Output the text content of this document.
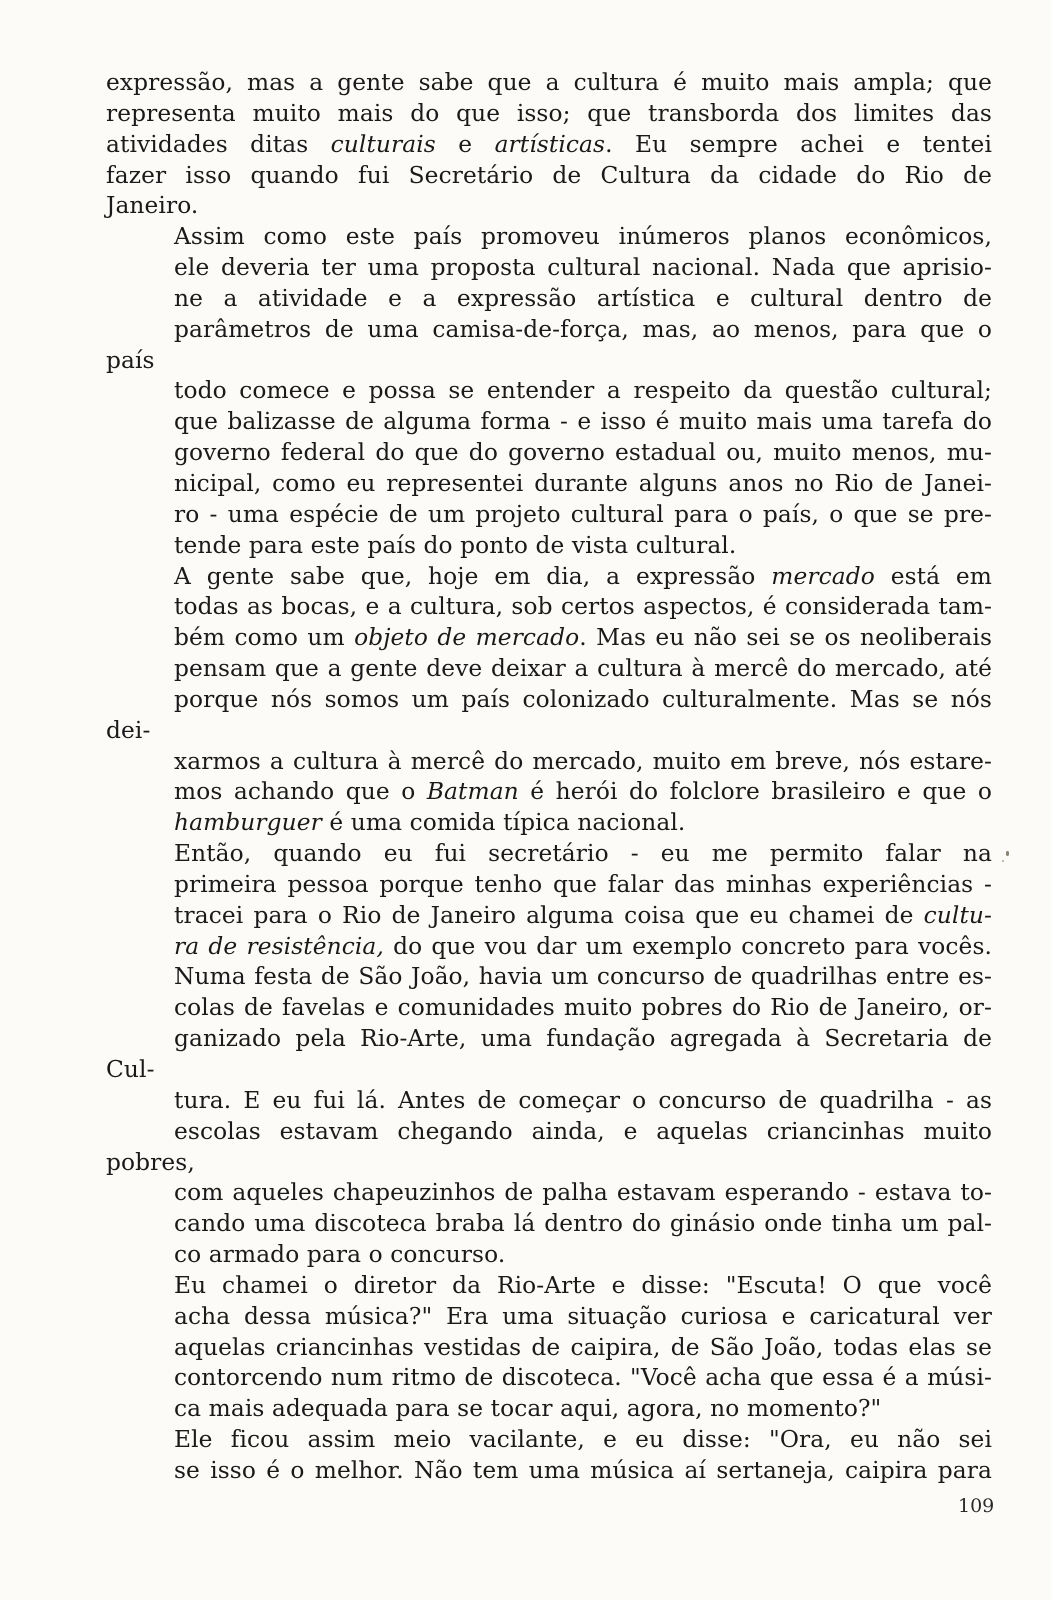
expressão, mas a gente sabe que a cultura é muito mais ampla; que
representa muito mais do que isso; que transborda dos limites das
atividades ditas culturais e artísticas. Eu sempre achei e tentei
fazer isso quando fui Secretário de Cultura da cidade do Rio de
Janeiro.
Assim como este país promoveu inúmeros planos econômicos,
ele deveria ter uma proposta cultural nacional. Nada que aprisio-
ne a atividade e a expressão artística e cultural dentro de
parâmetros de uma camisa-de-força, mas, ao menos, para que o país
todo comece e possa se entender a respeito da questão cultural;
que balizasse de alguma forma - e isso é muito mais uma tarefa do
governo federal do que do governo estadual ou, muito menos, mu-
nicipal, como eu representei durante alguns anos no Rio de Janei-
ro - uma espécie de um projeto cultural para o país, o que se pre-
tende para este país do ponto de vista cultural.
A gente sabe que, hoje em dia, a expressão mercado está em
todas as bocas, e a cultura, sob certos aspectos, é considerada tam-
bém como um objeto de mercado. Mas eu não sei se os neoliberais
pensam que a gente deve deixar a cultura à mercê do mercado, até
porque nós somos um país colonizado culturalmente. Mas se nós dei-
xarmos a cultura à mercê do mercado, muito em breve, nós estare-
mos achando que o Batman é herói do folclore brasileiro e que o
hamburguer é uma comida típica nacional.
Então, quando eu fui secretário - eu me permito falar na
primeira pessoa porque tenho que falar das minhas experiências -
tracei para o Rio de Janeiro alguma coisa que eu chamei de cultu-
ra de resistência, do que vou dar um exemplo concreto para vocês.
Numa festa de São João, havia um concurso de quadrilhas entre es-
colas de favelas e comunidades muito pobres do Rio de Janeiro, or-
ganizado pela Rio-Arte, uma fundação agregada à Secretaria de Cul-
tura. E eu fui lá. Antes de começar o concurso de quadrilha - as
escolas estavam chegando ainda, e aquelas criancinhas muito pobres,
com aqueles chapeuzinhos de palha estavam esperando - estava to-
cando uma discoteca braba lá dentro do ginásio onde tinha um pal-
co armado para o concurso.
Eu chamei o diretor da Rio-Arte e disse: "Escuta! O que você
acha dessa música?" Era uma situação curiosa e caricatural ver
aquelas criancinhas vestidas de caipira, de São João, todas elas se
contorcendo num ritmo de discoteca. "Você acha que essa é a músi-
ca mais adequada para se tocar aqui, agora, no momento?"
Ele ficou assim meio vacilante, e eu disse: "Ora, eu não sei
se isso é o melhor. Não tem uma música aí sertaneja, caipira para
109
